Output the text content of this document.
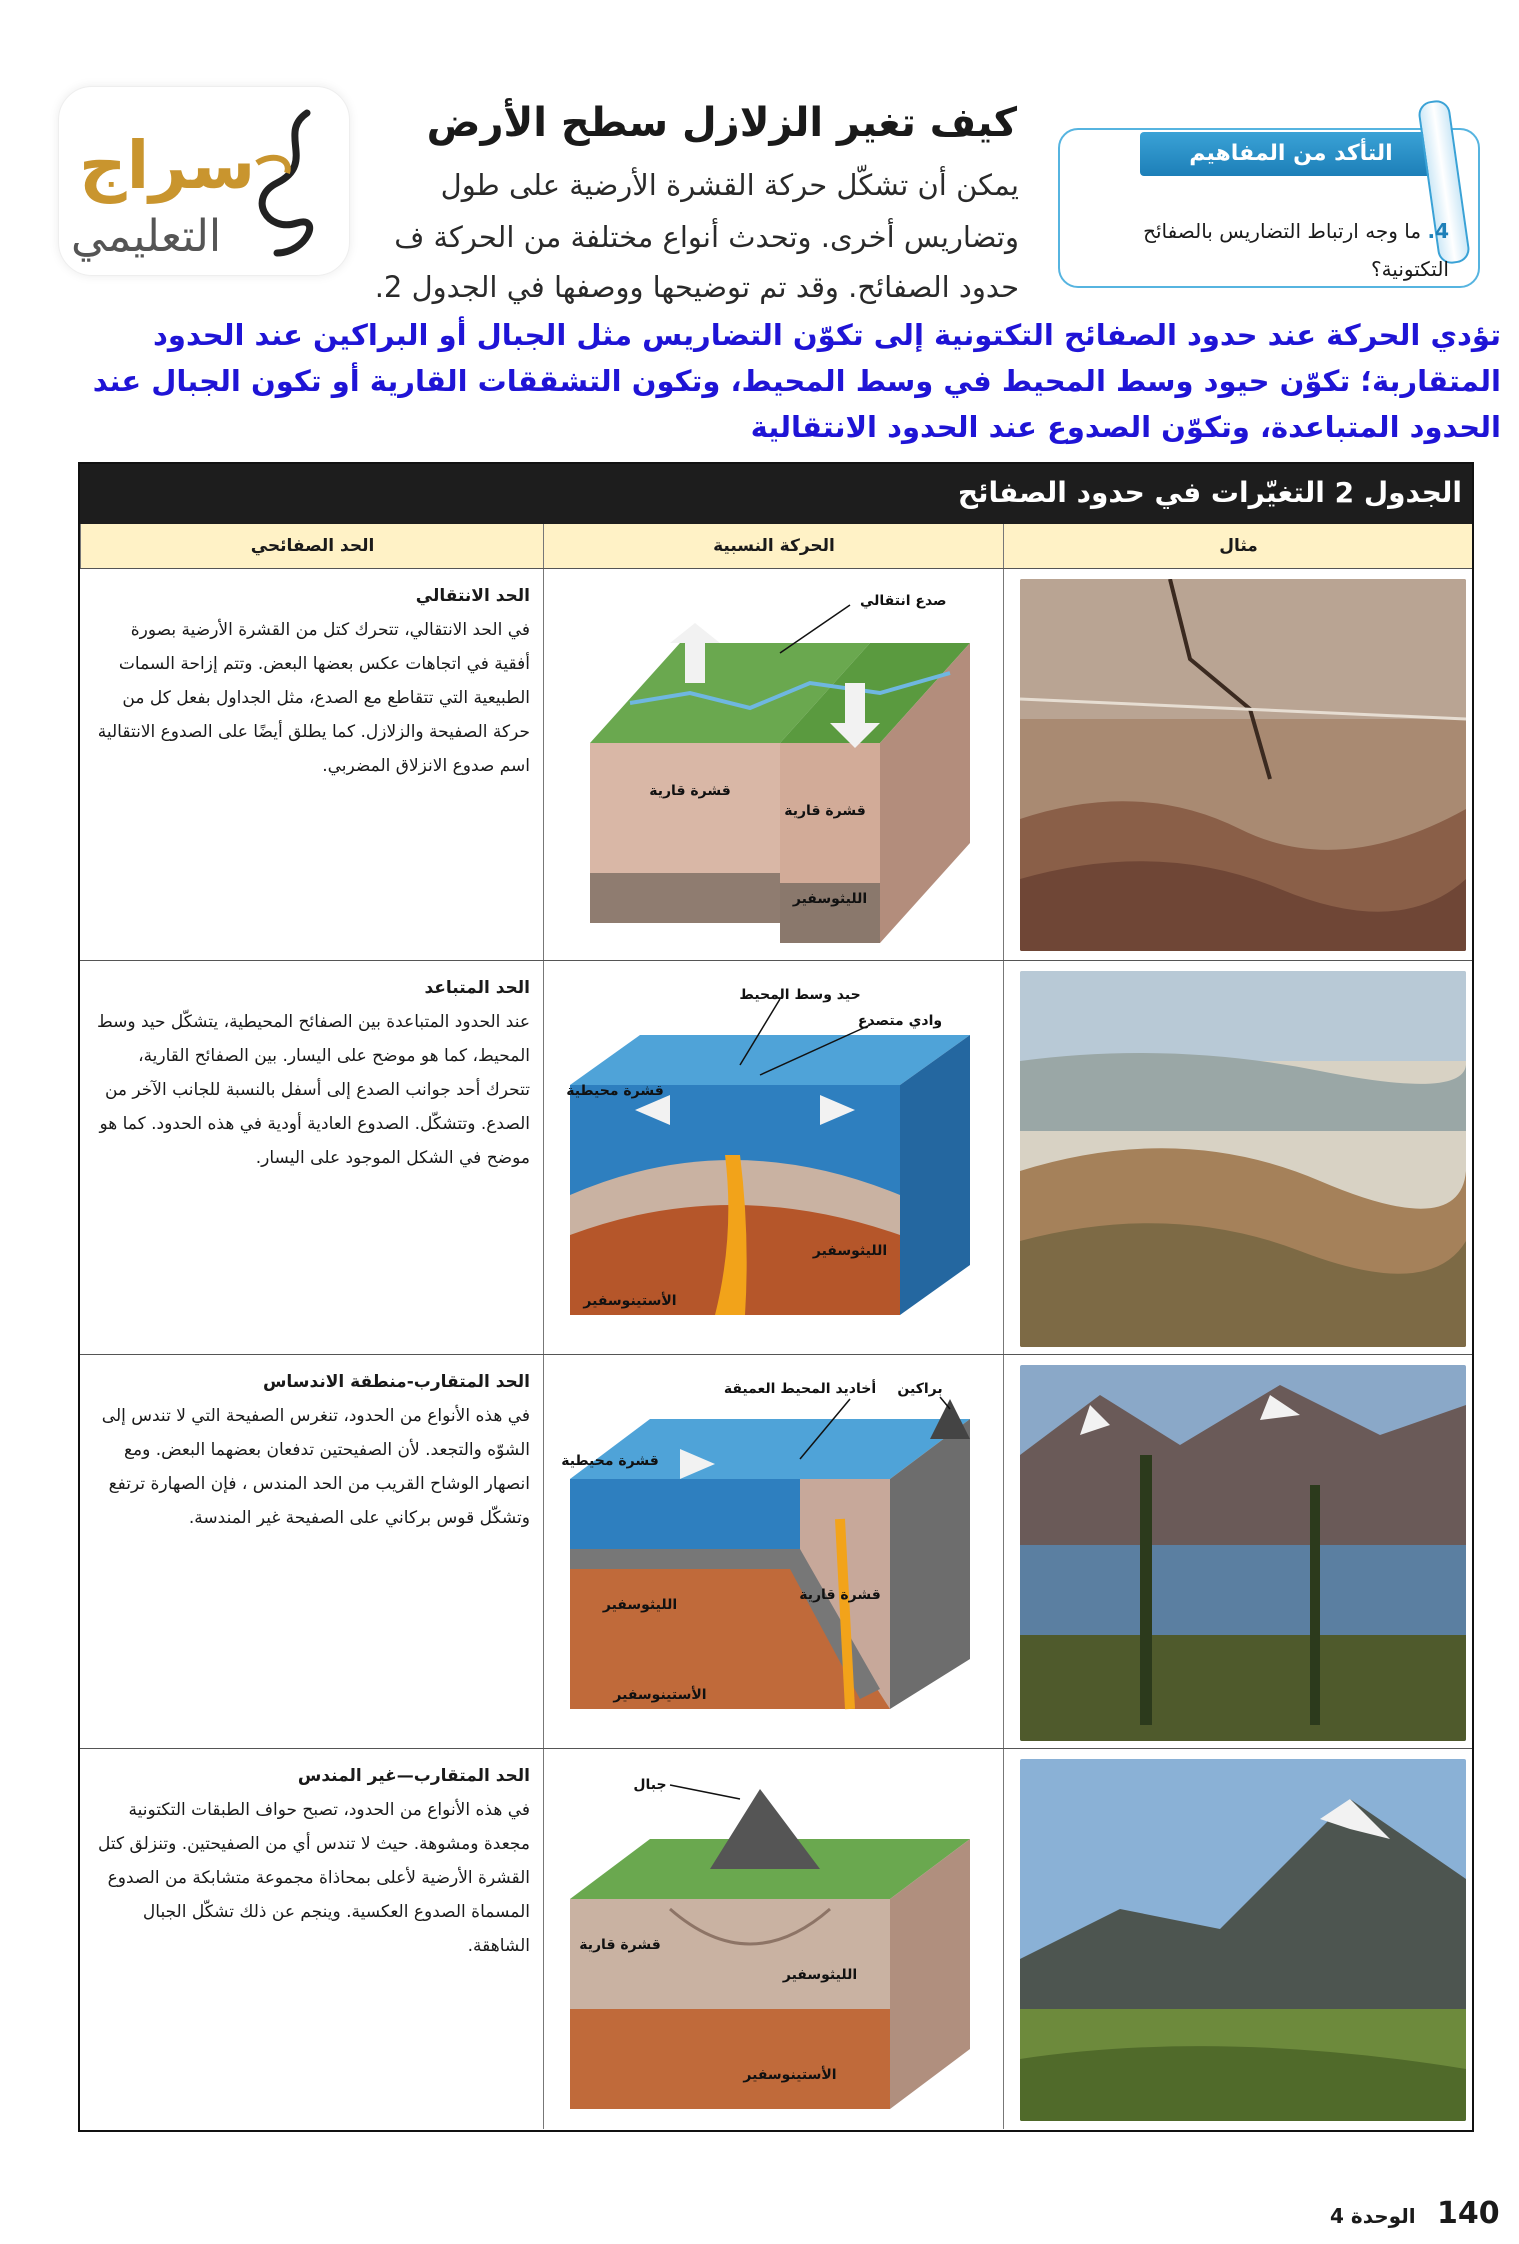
سراج
التعليمي
كيف تغير الزلازل سطح الأرض
يمكن أن تشكّل حركة القشرة الأرضية على طول
وتضاريس أخرى. وتحدث أنواع مختلفة من الحركة ف
حدود الصفائح. وقد تم توضيحها ووصفها في الجدول 2.
التأكد من المفاهيم الأساسية
4. ما وجه ارتباط التضاريس بالصفائح التكتونية؟
تؤدي الحركة عند حدود الصفائح التكتونية إلى تكوّن التضاريس مثل الجبال أو البراكين عند الحدود
المتقاربة؛ تكوّن حيود وسط المحيط في وسط المحيط، وتكون التشققات القارية أو تكون الجبال عند
الحدود المتباعدة، وتكوّن الصدوع عند الحدود الانتقالية
الجدول 2 التغيّرات في حدود الصفائح
الحد الصفائحي	الحركة النسبية	مثال
الحد الانتقالي
في الحد الانتقالي، تتحرك كتل من القشرة الأرضية بصورة أفقية في اتجاهات عكس بعضها البعض. وتتم إزاحة السمات الطبيعية التي تتقاطع مع الصدع، مثل الجداول بفعل كل من حركة الصفيحة والزلازل. كما يطلق أيضًا على الصدوع الانتقالية اسم صدوع الانزلاق المضربي.
صدع انتقالي
قشرة قارية
قشرة قارية
الليثوسفير
الحد المتباعد
عند الحدود المتباعدة بين الصفائح المحيطية، يتشكّل حيد وسط المحيط، كما هو موضح على اليسار. بين الصفائح القارية، تتحرك أحد جوانب الصدع إلى أسفل بالنسبة للجانب الآخر من الصدع. وتتشكّل. الصدوع العادية أودية في هذه الحدود. كما هو موضح في الشكل الموجود على اليسار.
حيد وسط المحيط
وادي متصدع
قشرة محيطية
الليثوسفير
الأستينوسفير
الحد المتقارب-منطقة الاندساس
في هذه الأنواع من الحدود، تنغرس الصفيحة التي لا تندس إلى الشوّه والتجعد. لأن الصفيحتين تدفعان بعضهما البعض. ومع انصهار الوشاح القريب من الحد المندس ، فإن الصهارة ترتفع وتشكّل قوس بركاني على الصفيحة غير المندسة.
براكين
أخاديد المحيط العميقة
قشرة محيطية
قشرة قارية
الليثوسفير
الأستينوسفير
الحد المتقارب—غير المندس
في هذه الأنواع من الحدود، تصبح حواف الطبقات التكتونية مجعدة ومشوهة. حيث لا تندس أي من الصفيحتين. وتنزلق كتل القشرة الأرضية لأعلى بمحاذاة مجموعة متشابكة من الصدوع المسماة الصدوع العكسية. وينجم عن ذلك تشكّل الجبال الشاهقة.
جبال
قشرة قارية
الليثوسفير
الأستينوسفير
الوحدة 4 140
